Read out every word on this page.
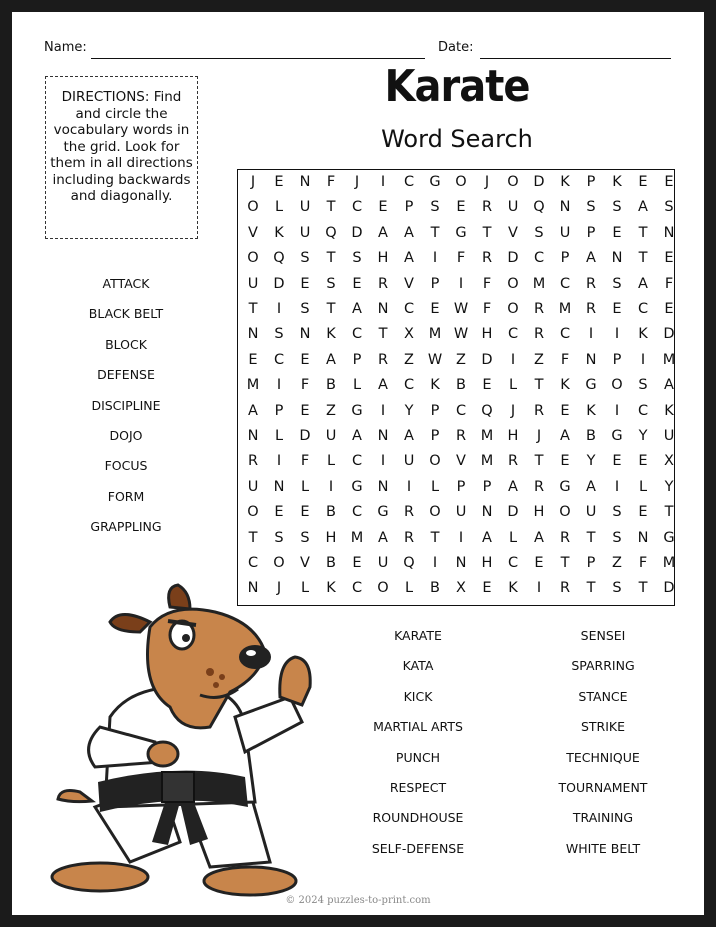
Name:	Date:
DIRECTIONS: Find and circle the vocabulary words in the grid. Look for them in all directions including backwards and diagonally.
Karate
Word Search
J	E	N	F	J	I	C	G	O	J	O	D	K	P	K	E	E
O	L	U	T	C	E	P	S	E	R	U	Q	N	S	S	A	S
V	K	U	Q	D	A	A	T	G	T	V	S	U	P	E	T	N
O	Q	S	T	S	H	A	I	F	R	D	C	P	A	N	T	E
U	D	E	S	E	R	V	P	I	F	O M	C	R	S	A	F
T	I	S	T	A	N	C	E W	F	O	R	M	R	E	C	E
N	S	N	K	C	T	X	M W H	C	R	C	I	I	K	D
E	C	E	A	P	R	Z W Z	D	I	Z	F	N	P	I	M
M	I	F	B	L	A	C	K	B	E	L	T	K	G	O	S	A
A	P	E	Z	G	I	Y	P	C	Q	J	R	E	K	I	C	K
N	L	D	U	A	N	A	P	R	M H	J	A	B	G	Y	U
R	I	F	L	C	I	U	O	V	M	R	T	E	Y	E	E	X
U	N	L	I	G	N	I	L	P	P	A	R	G	A	I	L	Y
O	E	E	B	C	G	R	O	U	N	D	H	O	U	S	E	T
T	S	S	H M	A	R	T	I	A	L	A	R	T	S	N	G
C	O	V	B	E	U	Q	I	N	H	C	E	T	P	Z	F	M
N	J	L	K	C	O	L	B	X	E	K	I	R	T	S	T	D
ATTACK
BLACK BELT
BLOCK
DEFENSE
DISCIPLINE
DOJO
FOCUS
FORM
GRAPPLING
KARATE
KATA
KICK
MARTIAL ARTS
PUNCH
RESPECT
ROUNDHOUSE
SELF-DEFENSE
SENSEI
SPARRING
STANCE
STRIKE
TECHNIQUE
TOURNAMENT
TRAINING
WHITE BELT
© 2024 puzzles-to-print.com
